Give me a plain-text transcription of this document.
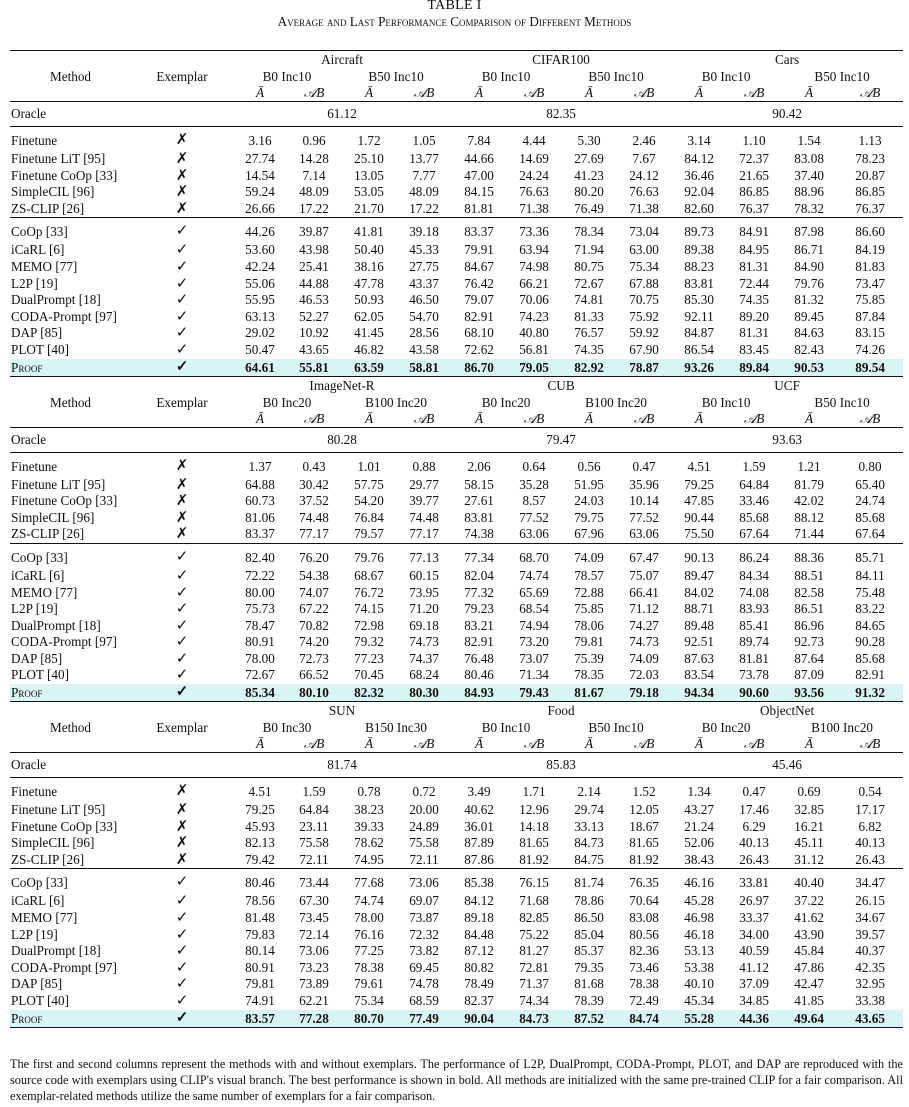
TABLE I
Average and Last Performance Comparison of Different Methods
		Aircraft				CIFAR100				Cars			
Method	Exemplar	B0 Inc10		B50 Inc10		B0 Inc10		B50 Inc10		B0 Inc10		B50 Inc10	
		Ā	𝒜B	Ā	𝒜B	Ā	𝒜B	Ā	𝒜B	Ā	𝒜B	Ā	𝒜B
Oracle		61.12				82.35				90.42			
Finetune	✗	3.16	0.96	1.72	1.05	7.84	4.44	5.30	2.46	3.14	1.10	1.54	1.13
Finetune LiT [95]	✗	27.74	14.28	25.10	13.77	44.66	14.69	27.69	7.67	84.12	72.37	83.08	78.23
Finetune CoOp [33]	✗	14.54	7.14	13.05	7.77	47.00	24.24	41.23	24.12	36.46	21.65	37.40	20.87
SimpleCIL [96]	✗	59.24	48.09	53.05	48.09	84.15	76.63	80.20	76.63	92.04	86.85	88.96	86.85
ZS-CLIP [26]	✗	26.66	17.22	21.70	17.22	81.81	71.38	76.49	71.38	82.60	76.37	78.32	76.37
CoOp [33]	✓	44.26	39.87	41.81	39.18	83.37	73.36	78.34	73.04	89.73	84.91	87.98	86.60
iCaRL [6]	✓	53.60	43.98	50.40	45.33	79.91	63.94	71.94	63.00	89.38	84.95	86.71	84.19
MEMO [77]	✓	42.24	25.41	38.16	27.75	84.67	74.98	80.75	75.34	88.23	81.31	84.90	81.83
L2P [19]	✓	55.06	44.88	47.78	43.37	76.42	66.21	72.67	67.88	83.81	72.44	79.76	73.47
DualPrompt [18]	✓	55.95	46.53	50.93	46.50	79.07	70.06	74.81	70.75	85.30	74.35	81.32	75.85
CODA-Prompt [97]	✓	63.13	52.27	62.05	54.70	82.91	74.23	81.33	75.92	92.11	89.20	89.45	87.84
DAP [85]	✓	29.02	10.92	41.45	28.56	68.10	40.80	76.57	59.92	84.87	81.31	84.63	83.15
PLOT [40]	✓	50.47	43.65	46.82	43.58	72.62	56.81	74.35	67.90	86.54	83.45	82.43	74.26
Proof	✓	64.61	55.81	63.59	58.81	86.70	79.05	82.92	78.87	93.26	89.84	90.53	89.54
		ImageNet-R				CUB				UCF			
Method	Exemplar	B0 Inc20		B100 Inc20		B0 Inc20		B100 Inc20		B0 Inc10		B50 Inc10	
		Ā	𝒜B	Ā	𝒜B	Ā	𝒜B	Ā	𝒜B	Ā	𝒜B	Ā	𝒜B
Oracle		80.28				79.47				93.63			
Finetune	✗	1.37	0.43	1.01	0.88	2.06	0.64	0.56	0.47	4.51	1.59	1.21	0.80
Finetune LiT [95]	✗	64.88	30.42	57.75	29.77	58.15	35.28	51.95	35.96	79.25	64.84	81.79	65.40
Finetune CoOp [33]	✗	60.73	37.52	54.20	39.77	27.61	8.57	24.03	10.14	47.85	33.46	42.02	24.74
SimpleCIL [96]	✗	81.06	74.48	76.84	74.48	83.81	77.52	79.75	77.52	90.44	85.68	88.12	85.68
ZS-CLIP [26]	✗	83.37	77.17	79.57	77.17	74.38	63.06	67.96	63.06	75.50	67.64	71.44	67.64
CoOp [33]	✓	82.40	76.20	79.76	77.13	77.34	68.70	74.09	67.47	90.13	86.24	88.36	85.71
iCaRL [6]	✓	72.22	54.38	68.67	60.15	82.04	74.74	78.57	75.07	89.47	84.34	88.51	84.11
MEMO [77]	✓	80.00	74.07	76.72	73.95	77.32	65.69	72.88	66.41	84.02	74.08	82.58	75.48
L2P [19]	✓	75.73	67.22	74.15	71.20	79.23	68.54	75.85	71.12	88.71	83.93	86.51	83.22
DualPrompt [18]	✓	78.47	70.82	72.98	69.18	83.21	74.94	78.06	74.27	89.48	85.41	86.96	84.65
CODA-Prompt [97]	✓	80.91	74.20	79.32	74.73	82.91	73.20	79.81	74.73	92.51	89.74	92.73	90.28
DAP [85]	✓	78.00	72.73	77.23	74.37	76.48	73.07	75.39	74.09	87.63	81.81	87.64	85.68
PLOT [40]	✓	72.67	66.52	70.45	68.24	80.46	71.34	78.35	72.03	83.54	73.78	87.09	82.91
Proof	✓	85.34	80.10	82.32	80.30	84.93	79.43	81.67	79.18	94.34	90.60	93.56	91.32
		SUN				Food				ObjectNet			
Method	Exemplar	B0 Inc30		B150 Inc30		B0 Inc10		B50 Inc10		B0 Inc20		B100 Inc20	
		Ā	𝒜B	Ā	𝒜B	Ā	𝒜B	Ā	𝒜B	Ā	𝒜B	Ā	𝒜B
Oracle		81.74				85.83				45.46			
Finetune	✗	4.51	1.59	0.78	0.72	3.49	1.71	2.14	1.52	1.34	0.47	0.69	0.54
Finetune LiT [95]	✗	79.25	64.84	38.23	20.00	40.62	12.96	29.74	12.05	43.27	17.46	32.85	17.17
Finetune CoOp [33]	✗	45.93	23.11	39.33	24.89	36.01	14.18	33.13	18.67	21.24	6.29	16.21	6.82
SimpleCIL [96]	✗	82.13	75.58	78.62	75.58	87.89	81.65	84.73	81.65	52.06	40.13	45.11	40.13
ZS-CLIP [26]	✗	79.42	72.11	74.95	72.11	87.86	81.92	84.75	81.92	38.43	26.43	31.12	26.43
CoOp [33]	✓	80.46	73.44	77.68	73.06	85.38	76.15	81.74	76.35	46.16	33.81	40.40	34.47
iCaRL [6]	✓	78.56	67.30	74.74	69.07	84.12	71.68	78.86	70.64	45.28	26.97	37.22	26.15
MEMO [77]	✓	81.48	73.45	78.00	73.87	89.18	82.85	86.50	83.08	46.98	33.37	41.62	34.67
L2P [19]	✓	79.83	72.14	76.16	72.32	84.48	75.22	85.04	80.56	46.18	34.00	43.90	39.57
DualPrompt [18]	✓	80.14	73.06	77.25	73.82	87.12	81.27	85.37	82.36	53.13	40.59	45.84	40.37
CODA-Prompt [97]	✓	80.91	73.23	78.38	69.45	80.82	72.81	79.35	73.46	53.38	41.12	47.86	42.35
DAP [85]	✓	79.81	73.89	79.61	74.78	78.49	71.37	81.68	78.38	40.10	37.09	42.47	32.95
PLOT [40]	✓	74.91	62.21	75.34	68.59	82.37	74.34	78.39	72.49	45.34	34.85	41.85	33.38
Proof	✓	83.57	77.28	80.70	77.49	90.04	84.73	87.52	84.74	55.28	44.36	49.64	43.65
The first and second columns represent the methods with and without exemplars. The performance of L2P, DualPrompt, CODA-Prompt, PLOT, and DAP are reproduced with the source code with exemplars using CLIP's visual branch. The best performance is shown in bold. All methods are initialized with the same pre-trained CLIP for a fair comparison. All exemplar-related methods utilize the same number of exemplars for a fair comparison.
